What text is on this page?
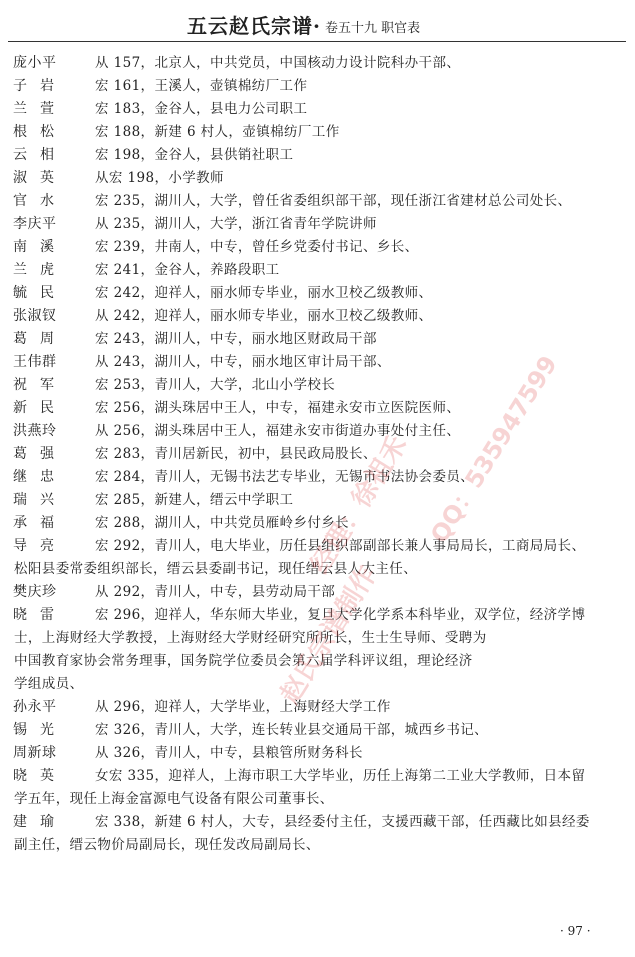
五云赵氏宗谱· 卷五十九 职官表
庞小平	从 157，北京人，中共党员，中国核动力设计院科办干部、
子岩	宏 161，王溪人，壶镇棉纺厂工作
兰萱	宏 183，金谷人，县电力公司职工
根松	宏 188，新建 6 村人，壶镇棉纺厂工作
云相	宏 198，金谷人，县供销社职工
淑英	从宏 198，小学教师
官水	宏 235，湖川人，大学，曾任省委组织部干部，现任浙江省建材总公司处长、
李庆平	从 235，湖川人，大学，浙江省青年学院讲师
南溪	宏 239，井南人，中专，曾任乡党委付书记、乡长、
兰虎	宏 241，金谷人，养路段职工
毓民	宏 242，迎祥人，丽水师专毕业，丽水卫校乙级教师、
张淑钗	从 242，迎祥人，丽水师专毕业，丽水卫校乙级教师、
葛周	宏 243，湖川人，中专，丽水地区财政局干部
王伟群	从 243，湖川人，中专，丽水地区审计局干部、
祝军	宏 253，青川人，大学，北山小学校长
新民	宏 256，湖头珠居中王人，中专，福建永安市立医院医师、
洪燕玲	从 256，湖头珠居中王人，福建永安市街道办事处付主任、
葛强	宏 283，青川居新民，初中，县民政局股长、
继忠	宏 284，青川人，无锡书法艺专毕业，无锡市书法协会委员、
瑞兴	宏 285，新建人，缙云中学职工
承福	宏 288，湖川人，中共党员雁岭乡付乡长
导亮	宏 292，青川人，电大毕业，历任县组织部副部长兼人事局局长，工商局局长、
松阳县委常委组织部长，缙云县委副书记，现任缙云县人大主任、
樊庆珍	从 292，青川人，中专，县劳动局干部
晓雷	宏 296，迎祥人，华东师大毕业，复旦大学化学系本科毕业，双学位，经济学博
士，上海财经大学教授，上海财经大学财经研究所所长，生士生导师、受聘为
中国教育家协会常务理事，国务院学位委员会第六届学科评议组，理论经济
学组成员、
孙永平	从 296，迎祥人，大学毕业，上海财经大学工作
锡光	宏 326，青川人，大学，连长转业县交通局干部，城西乡书记、
周新球	从 326，青川人，中专，县粮管所财务科长
晓英	女宏 335，迎祥人，上海市职工大学毕业，历任上海第二工业大学教师，日本留
学五年，现任上海金富源电气设备有限公司董事长、
建瑜	宏 338，新建 6 村人，大专，县经委付主任，支援西藏干部，任西藏比如县经委
副主任，缙云物价局副局长，现任发改局副局长、
· 97 ·
经理：徐祖禾 QQ：535947599
赵氏宗谱制作
